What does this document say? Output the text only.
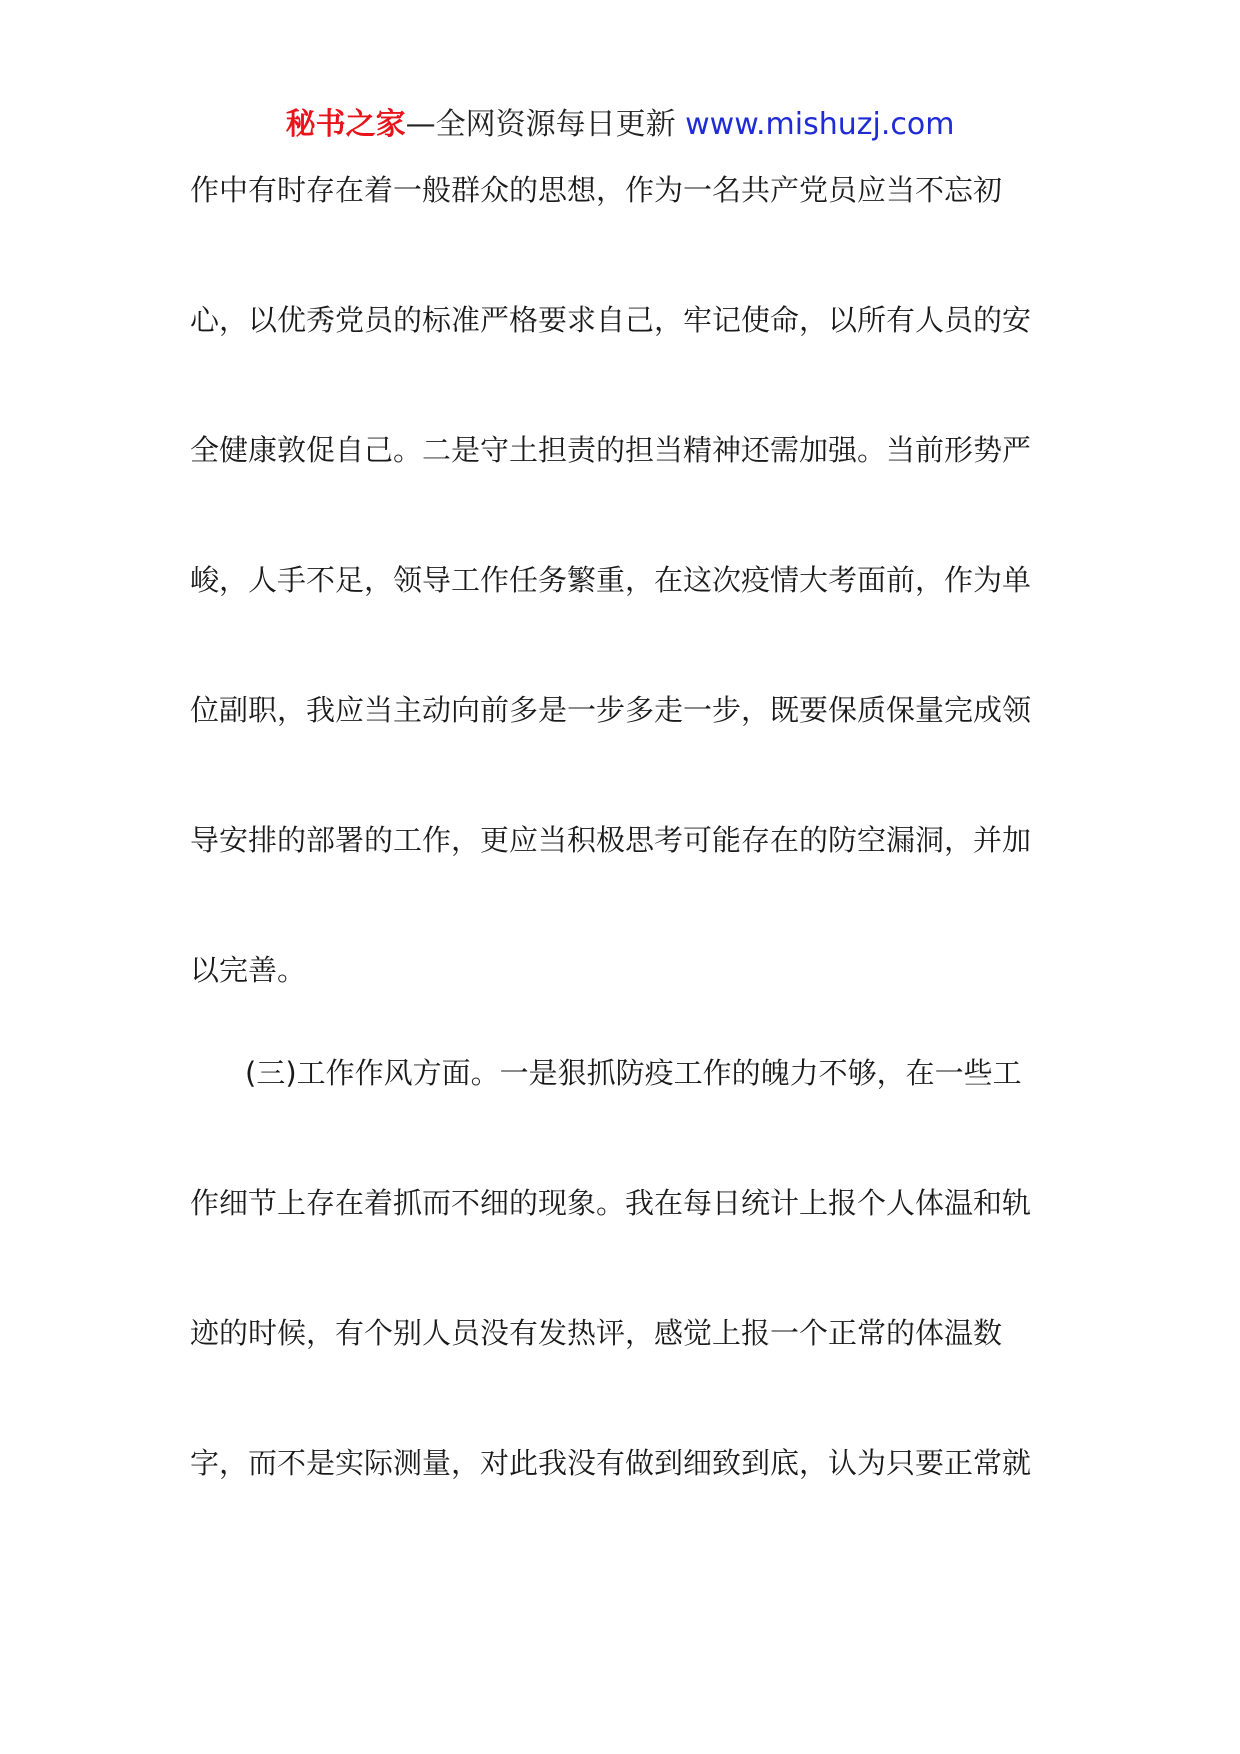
秘书之家—全网资源每日更新 www.mishuzj.com
作中有时存在着一般群众的思想，作为一名共产党员应当不忘初
心，以优秀党员的标准严格要求自己，牢记使命，以所有人员的安
全健康敦促自己。二是守土担责的担当精神还需加强。当前形势严
峻，人手不足，领导工作任务繁重，在这次疫情大考面前，作为单
位副职，我应当主动向前多是一步多走一步，既要保质保量完成领
导安排的部署的工作，更应当积极思考可能存在的防空漏洞，并加
以完善。
(三)工作作风方面。一是狠抓防疫工作的魄力不够，在一些工
作细节上存在着抓而不细的现象。我在每日统计上报个人体温和轨
迹的时候，有个别人员没有发热评，感觉上报一个正常的体温数
字，而不是实际测量，对此我没有做到细致到底，认为只要正常就
